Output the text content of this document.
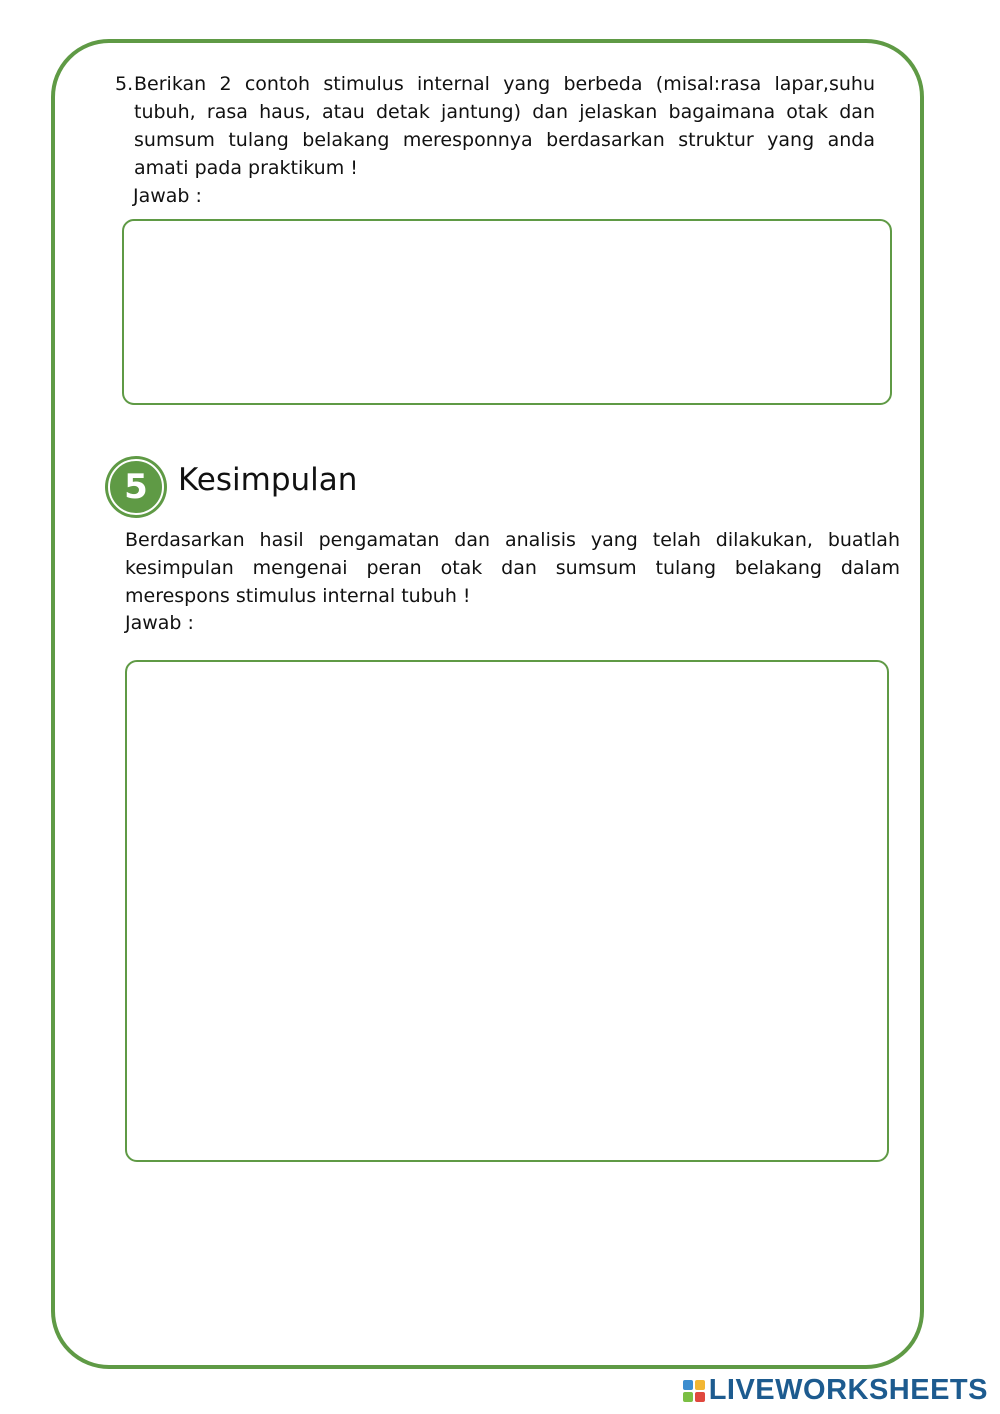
5. Berikan 2 contoh stimulus internal yang berbeda (misal:rasa lapar,suhu tubuh, rasa haus, atau detak jantung) dan jelaskan bagaimana otak dan sumsum tulang belakang meresponnya berdasarkan struktur yang anda amati pada praktikum !
Jawab :
5 Kesimpulan
Berdasarkan hasil pengamatan dan analisis yang telah dilakukan, buatlah kesimpulan mengenai peran otak dan sumsum tulang belakang dalam merespons stimulus internal tubuh !
Jawab :
LIVEWORKSHEETS
